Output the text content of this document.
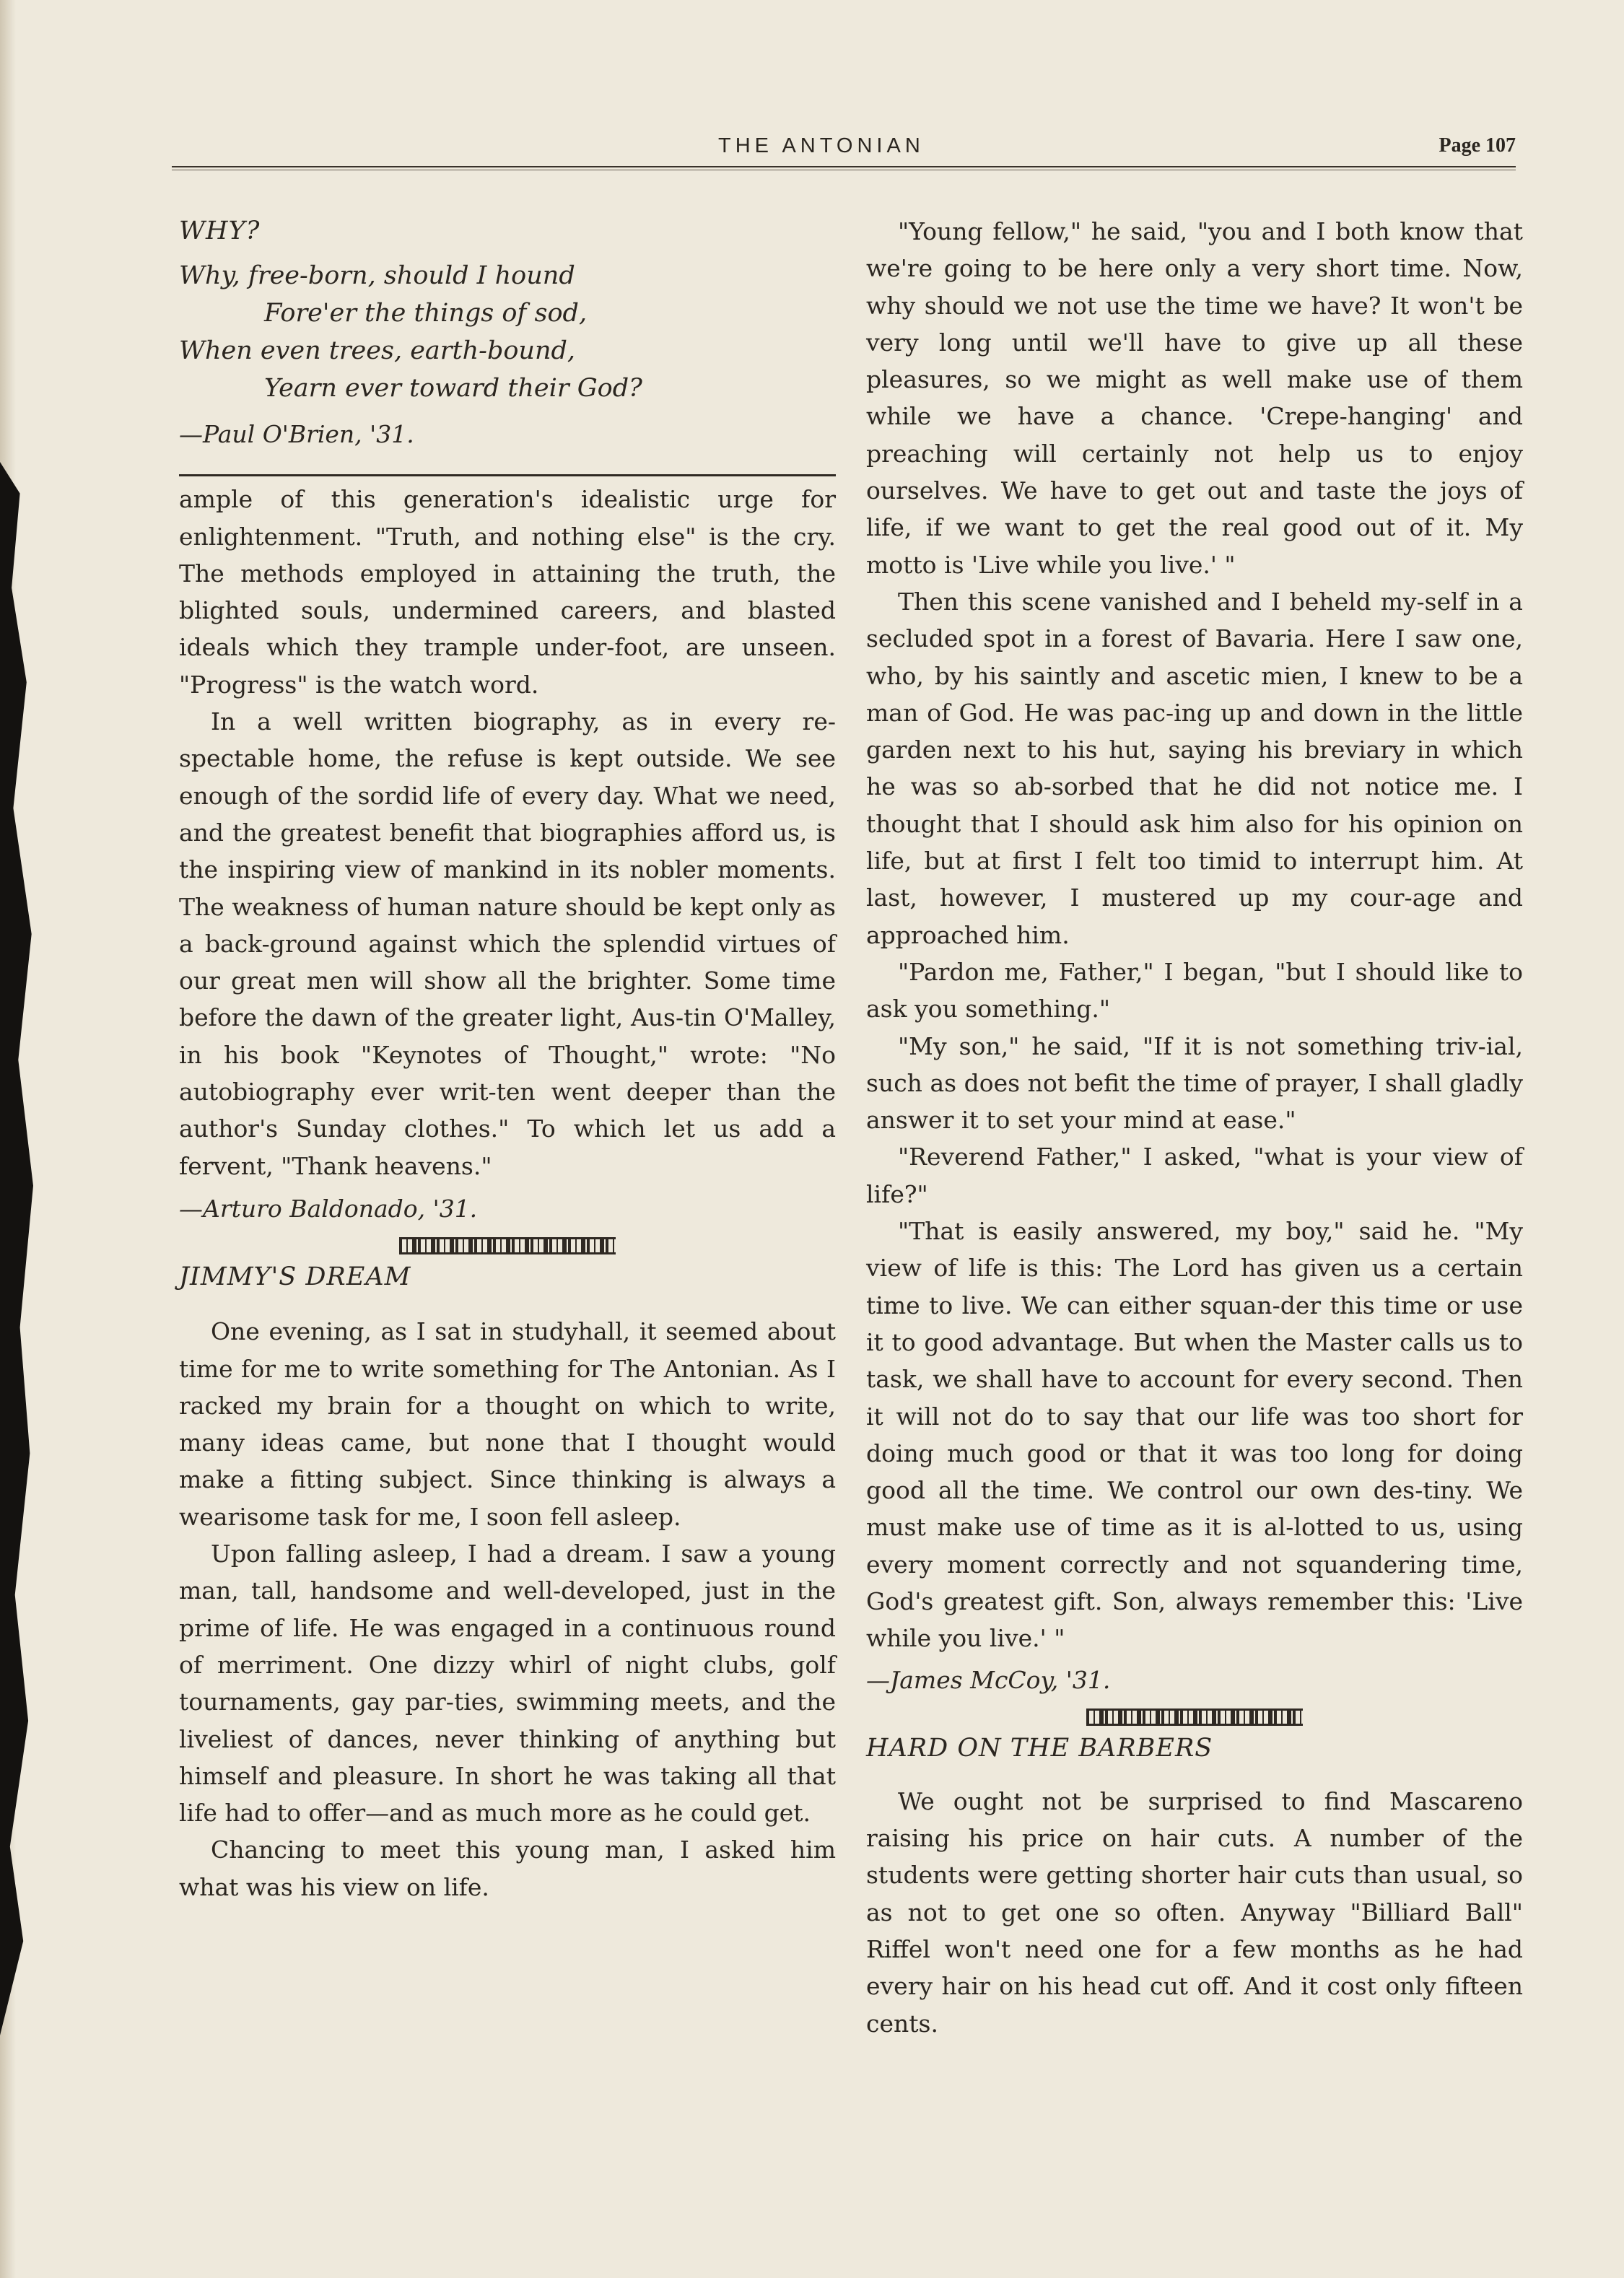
THE ANTONIAN	Page 107

WHY?

Why, free-born, should I hound
Fore'er the things of sod,
When even trees, earth-bound,
Yearn ever toward their God?

—Paul O'Brien, '31.

ample of this generation's idealistic urge for enlightenment. "Truth, and nothing else" is the cry. The methods employed in attaining the truth, the blighted souls, undermined careers, and blasted ideals which they trample under-foot, are unseen. "Progress" is the watch word.

In a well written biography, as in every re-spectable home, the refuse is kept outside. We see enough of the sordid life of every day. What we need, and the greatest benefit that biographies afford us, is the inspiring view of mankind in its nobler moments. The weakness of human nature should be kept only as a back-ground against which the splendid virtues of our great men will show all the brighter. Some time before the dawn of the greater light, Aus-tin O'Malley, in his book "Keynotes of Thought," wrote: "No autobiography ever writ-ten went deeper than the author's Sunday clothes." To which let us add a fervent, "Thank heavens."

—Arturo Baldonado, '31.

JIMMY'S DREAM

One evening, as I sat in studyhall, it seemed about time for me to write something for The Antonian. As I racked my brain for a thought on which to write, many ideas came, but none that I thought would make a fitting subject. Since thinking is always a wearisome task for me, I soon fell asleep.

Upon falling asleep, I had a dream. I saw a young man, tall, handsome and well-developed, just in the prime of life. He was engaged in a continuous round of merriment. One dizzy whirl of night clubs, golf tournaments, gay par-ties, swimming meets, and the liveliest of dances, never thinking of anything but himself and pleasure. In short he was taking all that life had to offer—and as much more as he could get.

Chancing to meet this young man, I asked him what was his view on life.

"Young fellow," he said, "you and I both know that we're going to be here only a very short time. Now, why should we not use the time we have? It won't be very long until we'll have to give up all these pleasures, so we might as well make use of them while we have a chance. 'Crepe-hanging' and preaching will certainly not help us to enjoy ourselves. We have to get out and taste the joys of life, if we want to get the real good out of it. My motto is 'Live while you live.' "

Then this scene vanished and I beheld my-self in a secluded spot in a forest of Bavaria. Here I saw one, who, by his saintly and ascetic mien, I knew to be a man of God. He was pac-ing up and down in the little garden next to his hut, saying his breviary in which he was so ab-sorbed that he did not notice me. I thought that I should ask him also for his opinion on life, but at first I felt too timid to interrupt him. At last, however, I mustered up my cour-age and approached him.

"Pardon me, Father," I began, "but I should like to ask you something."

"My son," he said, "If it is not something triv-ial, such as does not befit the time of prayer, I shall gladly answer it to set your mind at ease."

"Reverend Father," I asked, "what is your view of life?"

"That is easily answered, my boy," said he. "My view of life is this: The Lord has given us a certain time to live. We can either squan-der this time or use it to good advantage. But when the Master calls us to task, we shall have to account for every second. Then it will not do to say that our life was too short for doing much good or that it was too long for doing good all the time. We control our own des-tiny. We must make use of time as it is al-lotted to us, using every moment correctly and not squandering time, God's greatest gift. Son, always remember this: 'Live while you live.' "

—James McCoy, '31.

HARD ON THE BARBERS

We ought not be surprised to find Mascareno raising his price on hair cuts. A number of the students were getting shorter hair cuts than usual, so as not to get one so often. Anyway "Billiard Ball" Riffel won't need one for a few months as he had every hair on his head cut off. And it cost only fifteen cents.
